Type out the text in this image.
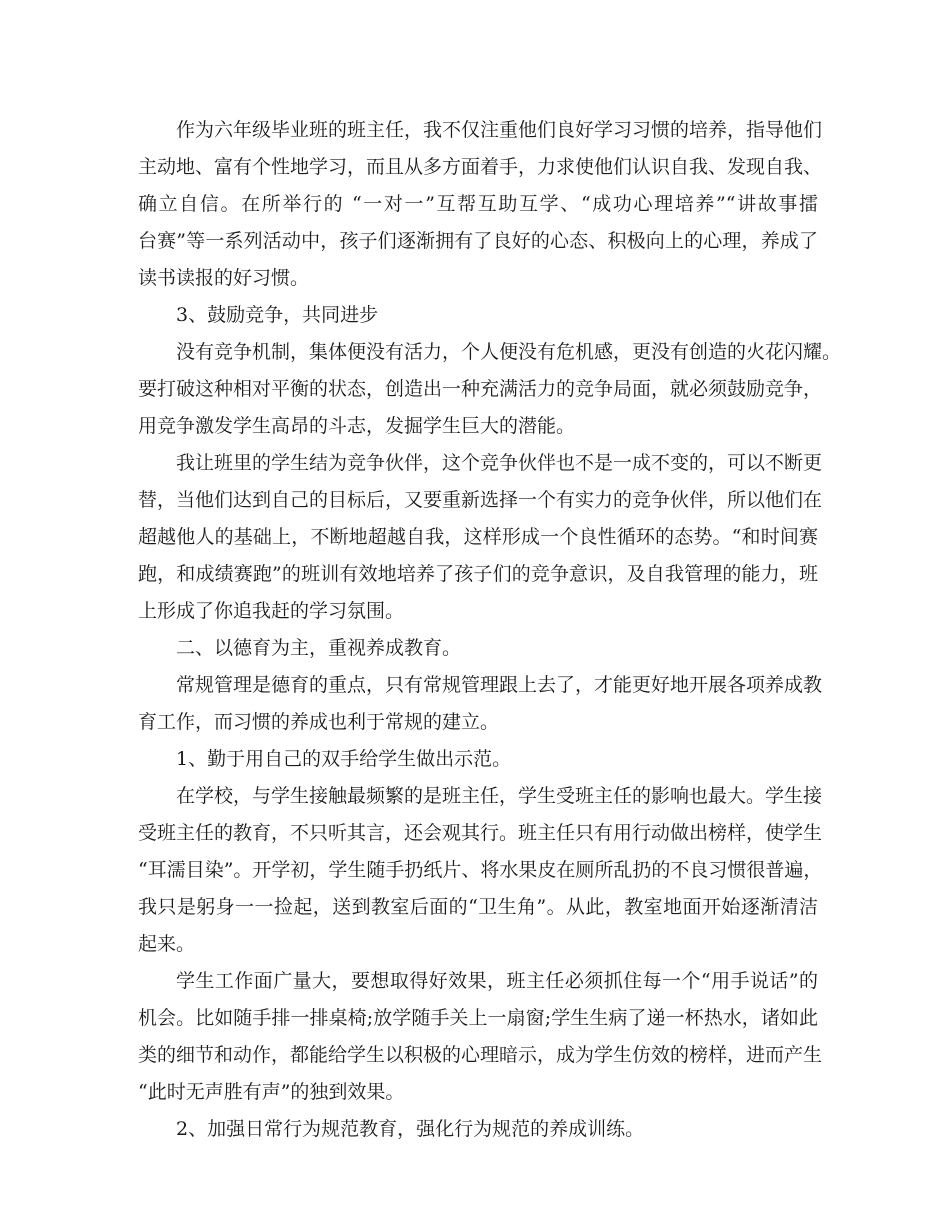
作为六年级毕业班的班主任，我不仅注重他们良好学习习惯的培养，指导他们
主动地、富有个性地学习，而且从多方面着手，力求使他们认识自我、发现自我、
确立自信。在所举行的 “一对一”互帮互助互学、“成功心理培养”“讲故事擂
台赛”等一系列活动中，孩子们逐渐拥有了良好的心态、积极向上的心理，养成了
读书读报的好习惯。
3、鼓励竞争，共同进步
没有竞争机制，集体便没有活力，个人便没有危机感，更没有创造的火花闪耀。
要打破这种相对平衡的状态，创造出一种充满活力的竞争局面，就必须鼓励竞争，
用竞争激发学生高昂的斗志，发掘学生巨大的潜能。
我让班里的学生结为竞争伙伴，这个竞争伙伴也不是一成不变的，可以不断更
替，当他们达到自己的目标后，又要重新选择一个有实力的竞争伙伴，所以他们在
超越他人的基础上，不断地超越自我，这样形成一个良性循环的态势。“和时间赛
跑，和成绩赛跑”的班训有效地培养了孩子们的竞争意识，及自我管理的能力，班
上形成了你追我赶的学习氛围。
二、以德育为主，重视养成教育。
常规管理是德育的重点，只有常规管理跟上去了，才能更好地开展各项养成教
育工作，而习惯的养成也利于常规的建立。
1、勤于用自己的双手给学生做出示范。
在学校，与学生接触最频繁的是班主任，学生受班主任的影响也最大。学生接
受班主任的教育，不只听其言，还会观其行。班主任只有用行动做出榜样，使学生
“耳濡目染”。开学初，学生随手扔纸片、将水果皮在厕所乱扔的不良习惯很普遍，
我只是躬身一一捡起，送到教室后面的“卫生角”。从此，教室地面开始逐渐清洁
起来。
学生工作面广量大，要想取得好效果，班主任必须抓住每一个“用手说话”的
机会。比如随手排一排桌椅;放学随手关上一扇窗;学生生病了递一杯热水，诸如此
类的细节和动作，都能给学生以积极的心理暗示，成为学生仿效的榜样，进而产生
“此时无声胜有声”的独到效果。
2、加强日常行为规范教育，强化行为规范的养成训练。
